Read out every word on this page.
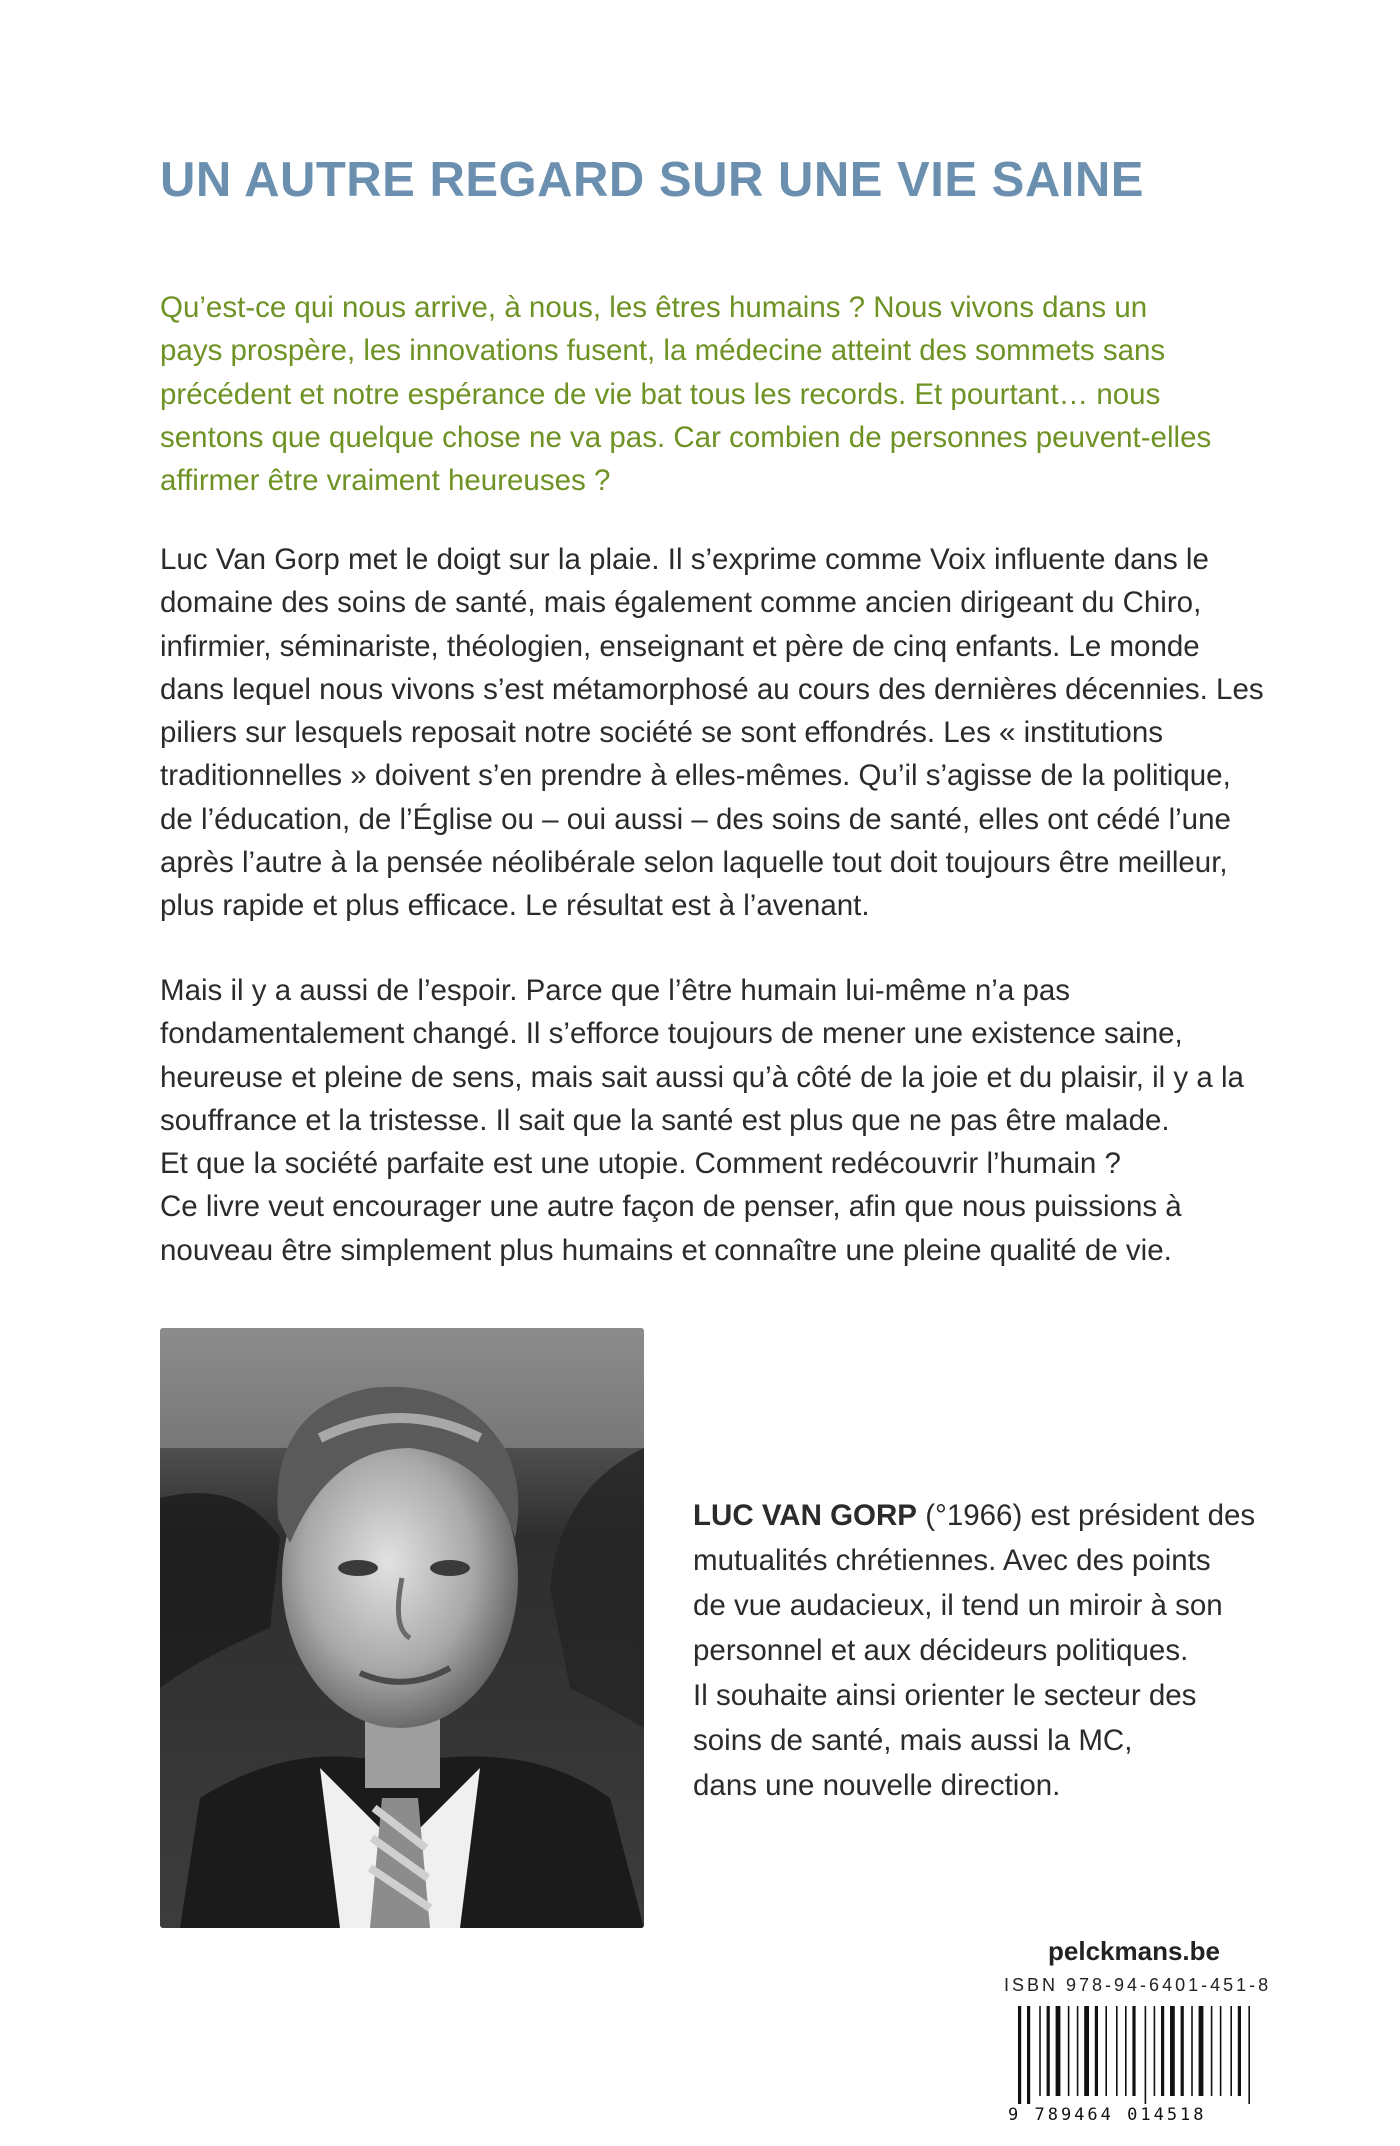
UN AUTRE REGARD SUR UNE VIE SAINE
Qu’est-ce qui nous arrive, à nous, les êtres humains ? Nous vivons dans un
pays prospère, les innovations fusent, la médecine atteint des sommets sans
précédent et notre espérance de vie bat tous les records. Et pourtant… nous
sentons que quelque chose ne va pas. Car combien de personnes peuvent-elles
affirmer être vraiment heureuses ?
Luc Van Gorp met le doigt sur la plaie. Il s’exprime comme Voix influente dans le
domaine des soins de santé, mais également comme ancien dirigeant du Chiro,
infirmier, séminariste, théologien, enseignant et père de cinq enfants. Le monde
dans lequel nous vivons s’est métamorphosé au cours des dernières décennies. Les
piliers sur lesquels reposait notre société se sont effondrés. Les « institutions
traditionnelles » doivent s’en prendre à elles-mêmes. Qu’il s’agisse de la politique,
de l’éducation, de l’Église ou – oui aussi – des soins de santé, elles ont cédé l’une
après l’autre à la pensée néolibérale selon laquelle tout doit toujours être meilleur,
plus rapide et plus efficace. Le résultat est à l’avenant.
Mais il y a aussi de l’espoir. Parce que l’être humain lui-même n’a pas
fondamentalement changé. Il s’efforce toujours de mener une existence saine,
heureuse et pleine de sens, mais sait aussi qu’à côté de la joie et du plaisir, il y a la
souffrance et la tristesse. Il sait que la santé est plus que ne pas être malade.
Et que la société parfaite est une utopie. Comment redécouvrir l’humain ?
Ce livre veut encourager une autre façon de penser, afin que nous puissions à
nouveau être simplement plus humains et connaître une pleine qualité de vie.
LUC VAN GORP (°1966) est président des
mutualités chrétiennes. Avec des points
de vue audacieux, il tend un miroir à son
personnel et aux décideurs politiques.
Il souhaite ainsi orienter le secteur des
soins de santé, mais aussi la MC,
dans une nouvelle direction.
pelckmans.be
ISBN 978-94-6401-451-8
9 789464 014518
